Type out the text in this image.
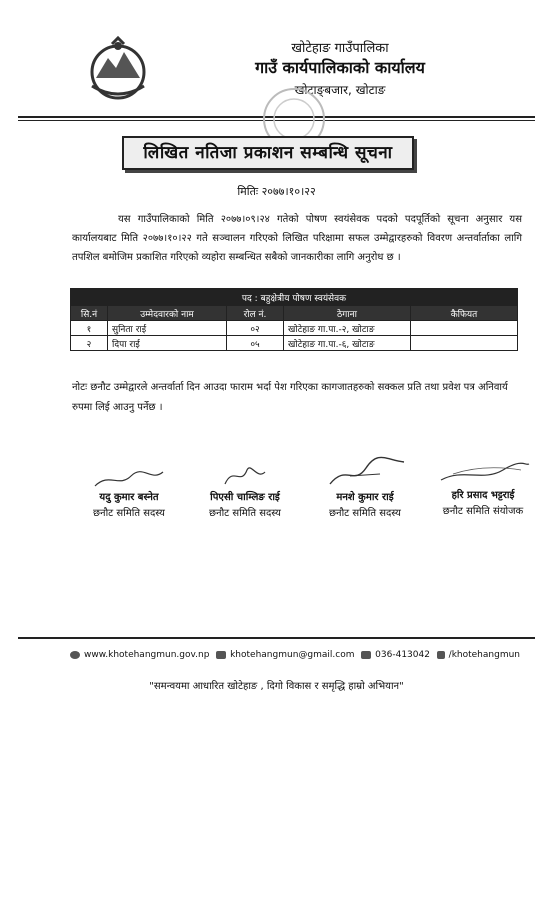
खोटेहाङ गाउँपालिका
गाउँ कार्यपालिकाको कार्यालय
खोटाङ्बजार, खोटाङ
लिखित नतिजा प्रकाशन सम्बन्धि सूचना
मितिः २०७७।१०।२२

यस गाउँपालिकाको मिति २०७७।०९।२४ गतेको पोषण स्वयंसेवक पदको पदपूर्तिको सूचना अनुसार यस कार्यालयबाट मिति २०७७।१०।२२ गते सञ्चालन गरिएको लिखित परिक्षामा सफल उम्मेद्वारहरुको विवरण अन्तर्वार्ताका लागि तपशिल बमोजिम प्रकाशित गरिएको व्यहोरा सम्बन्धित सबैको जानकारीका लागि अनुरोध छ ।

पद : बहुक्षेत्रीय पोषण स्वयंसेवक				
सि.नं	उम्मेदवारको नाम	रोल नं.	ठेगाना	कैफियत
१	सुनिता राई	०२	खोटेहाङ गा.पा.-२, खोटाङ	
२	दिपा राई	०५	खोटेहाङ गा.पा.-६, खोटाङ	
नोटः छनौट उम्मेद्वारले अन्तर्वार्ता दिन आउदा फाराम भर्दा पेश गरिएका कागजातहरुको सक्कल प्रति तथा प्रवेश पत्र अनिवार्य रुपमा लिई आउनु पर्नेछ ।
यदु कुमार बस्नेत
छनौट समिति सदस्य
पिएसी चाम्लिङ राई
छनौट समिति सदस्य
मनशे कुमार राई
छनौट समिति सदस्य
हरि प्रसाद भट्टराई
छनौट समिति संयोजक
www.khotehangmun.gov.np khotehangmun@gmail.com 036-413042 /khotehangmun
"समन्वयमा आधारित खोटेहाङ , दिगो विकास र समृद्धि हाम्रो अभियान"
